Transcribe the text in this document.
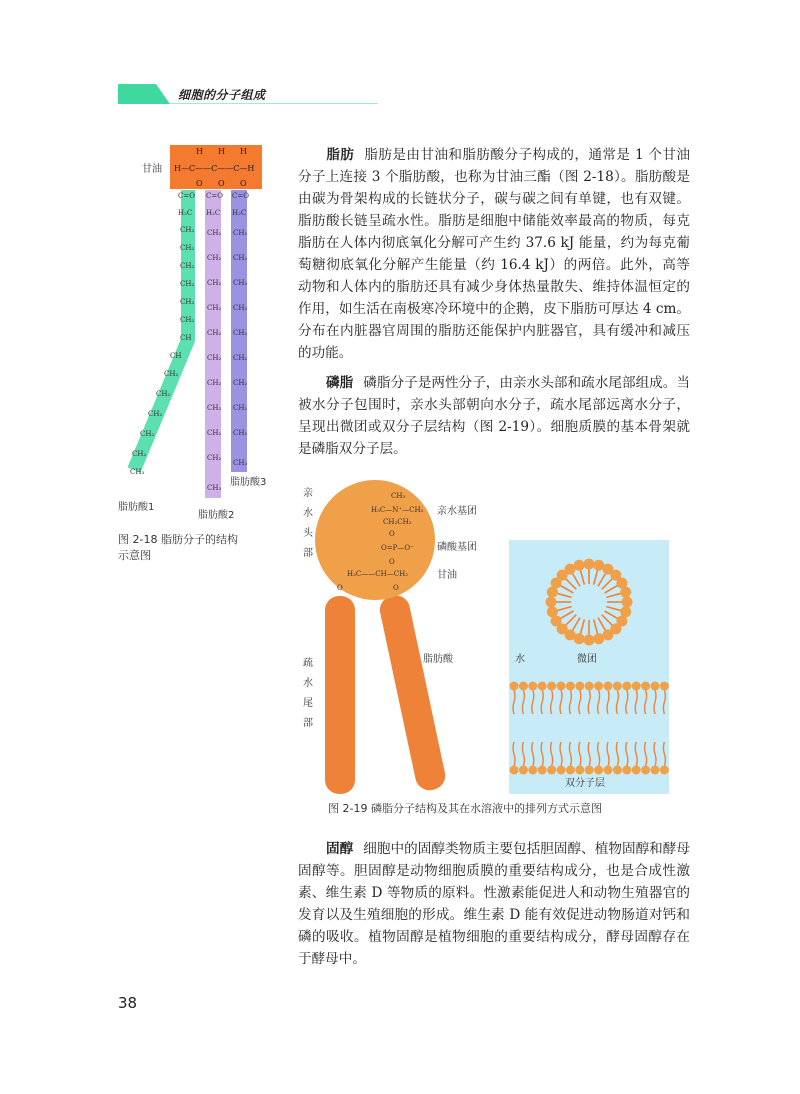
细胞的分子组成
甘油 H—C——C——C—H
H H H
O O O
C=O C=O C=O
H₂C
CH₂
CH₂
CH₂
CH₂
CH₂
CH₂
CH
CH
CH₂
CH₂
CH₂
CH₂
CH₂
CH₃
H₂C
CH₂
CH₂
CH₂
CH₂
CH₂
CH₂
CH₂
CH₂
CH₂
CH₂
CH₃
H₂C
CH₂
CH₂
CH₂
CH₂
CH₂
CH₂
CH₂
CH₂
CH₂
CH₃
脂肪酸1
脂肪酸2
脂肪酸3
图 2-18 脂肪分子的结构
示意图
脂肪 脂肪是由甘油和脂肪酸分子构成的，通常是 1 个甘油分子上连接 3 个脂肪酸，也称为甘油三酯（图 2-18）。脂肪酸是由碳为骨架构成的长链状分子，碳与碳之间有单键，也有双键。脂肪酸长链呈疏水性。脂肪是细胞中储能效率最高的物质，每克脂肪在人体内彻底氧化分解可产生约 37.6 kJ 能量，约为每克葡萄糖彻底氧化分解产生能量（约 16.4 kJ）的两倍。此外，高等动物和人体内的脂肪还具有减少身体热量散失、维持体温恒定的作用，如生活在南极寒冷环境中的企鹅，皮下脂肪可厚达 4 cm。分布在内脏器官周围的脂肪还能保护内脏器官，具有缓冲和减压的功能。
磷脂 磷脂分子是两性分子，由亲水头部和疏水尾部组成。当被水分子包围时，亲水头部朝向水分子，疏水尾部远离水分子，呈现出微团或双分子层结构（图 2-19）。细胞质膜的基本骨架就是磷脂双分子层。
CH₃
H₃C—N⁺—CH₃
CH₂CH₂
O
O=P—O⁻
O
H₂C——CH—CH₂
O	O
亲
水
头
部
疏
水
尾
部
亲水基团
磷酸基团
甘油
脂肪酸	水	微团
双分子层
图 2-19 磷脂分子结构及其在水溶液中的排列方式示意图
固醇 细胞中的固醇类物质主要包括胆固醇、植物固醇和酵母固醇等。胆固醇是动物细胞质膜的重要结构成分，也是合成性激素、维生素 D 等物质的原料。性激素能促进人和动物生殖器官的发育以及生殖细胞的形成。维生素 D 能有效促进动物肠道对钙和磷的吸收。植物固醇是植物细胞的重要结构成分，酵母固醇存在于酵母中。
38
